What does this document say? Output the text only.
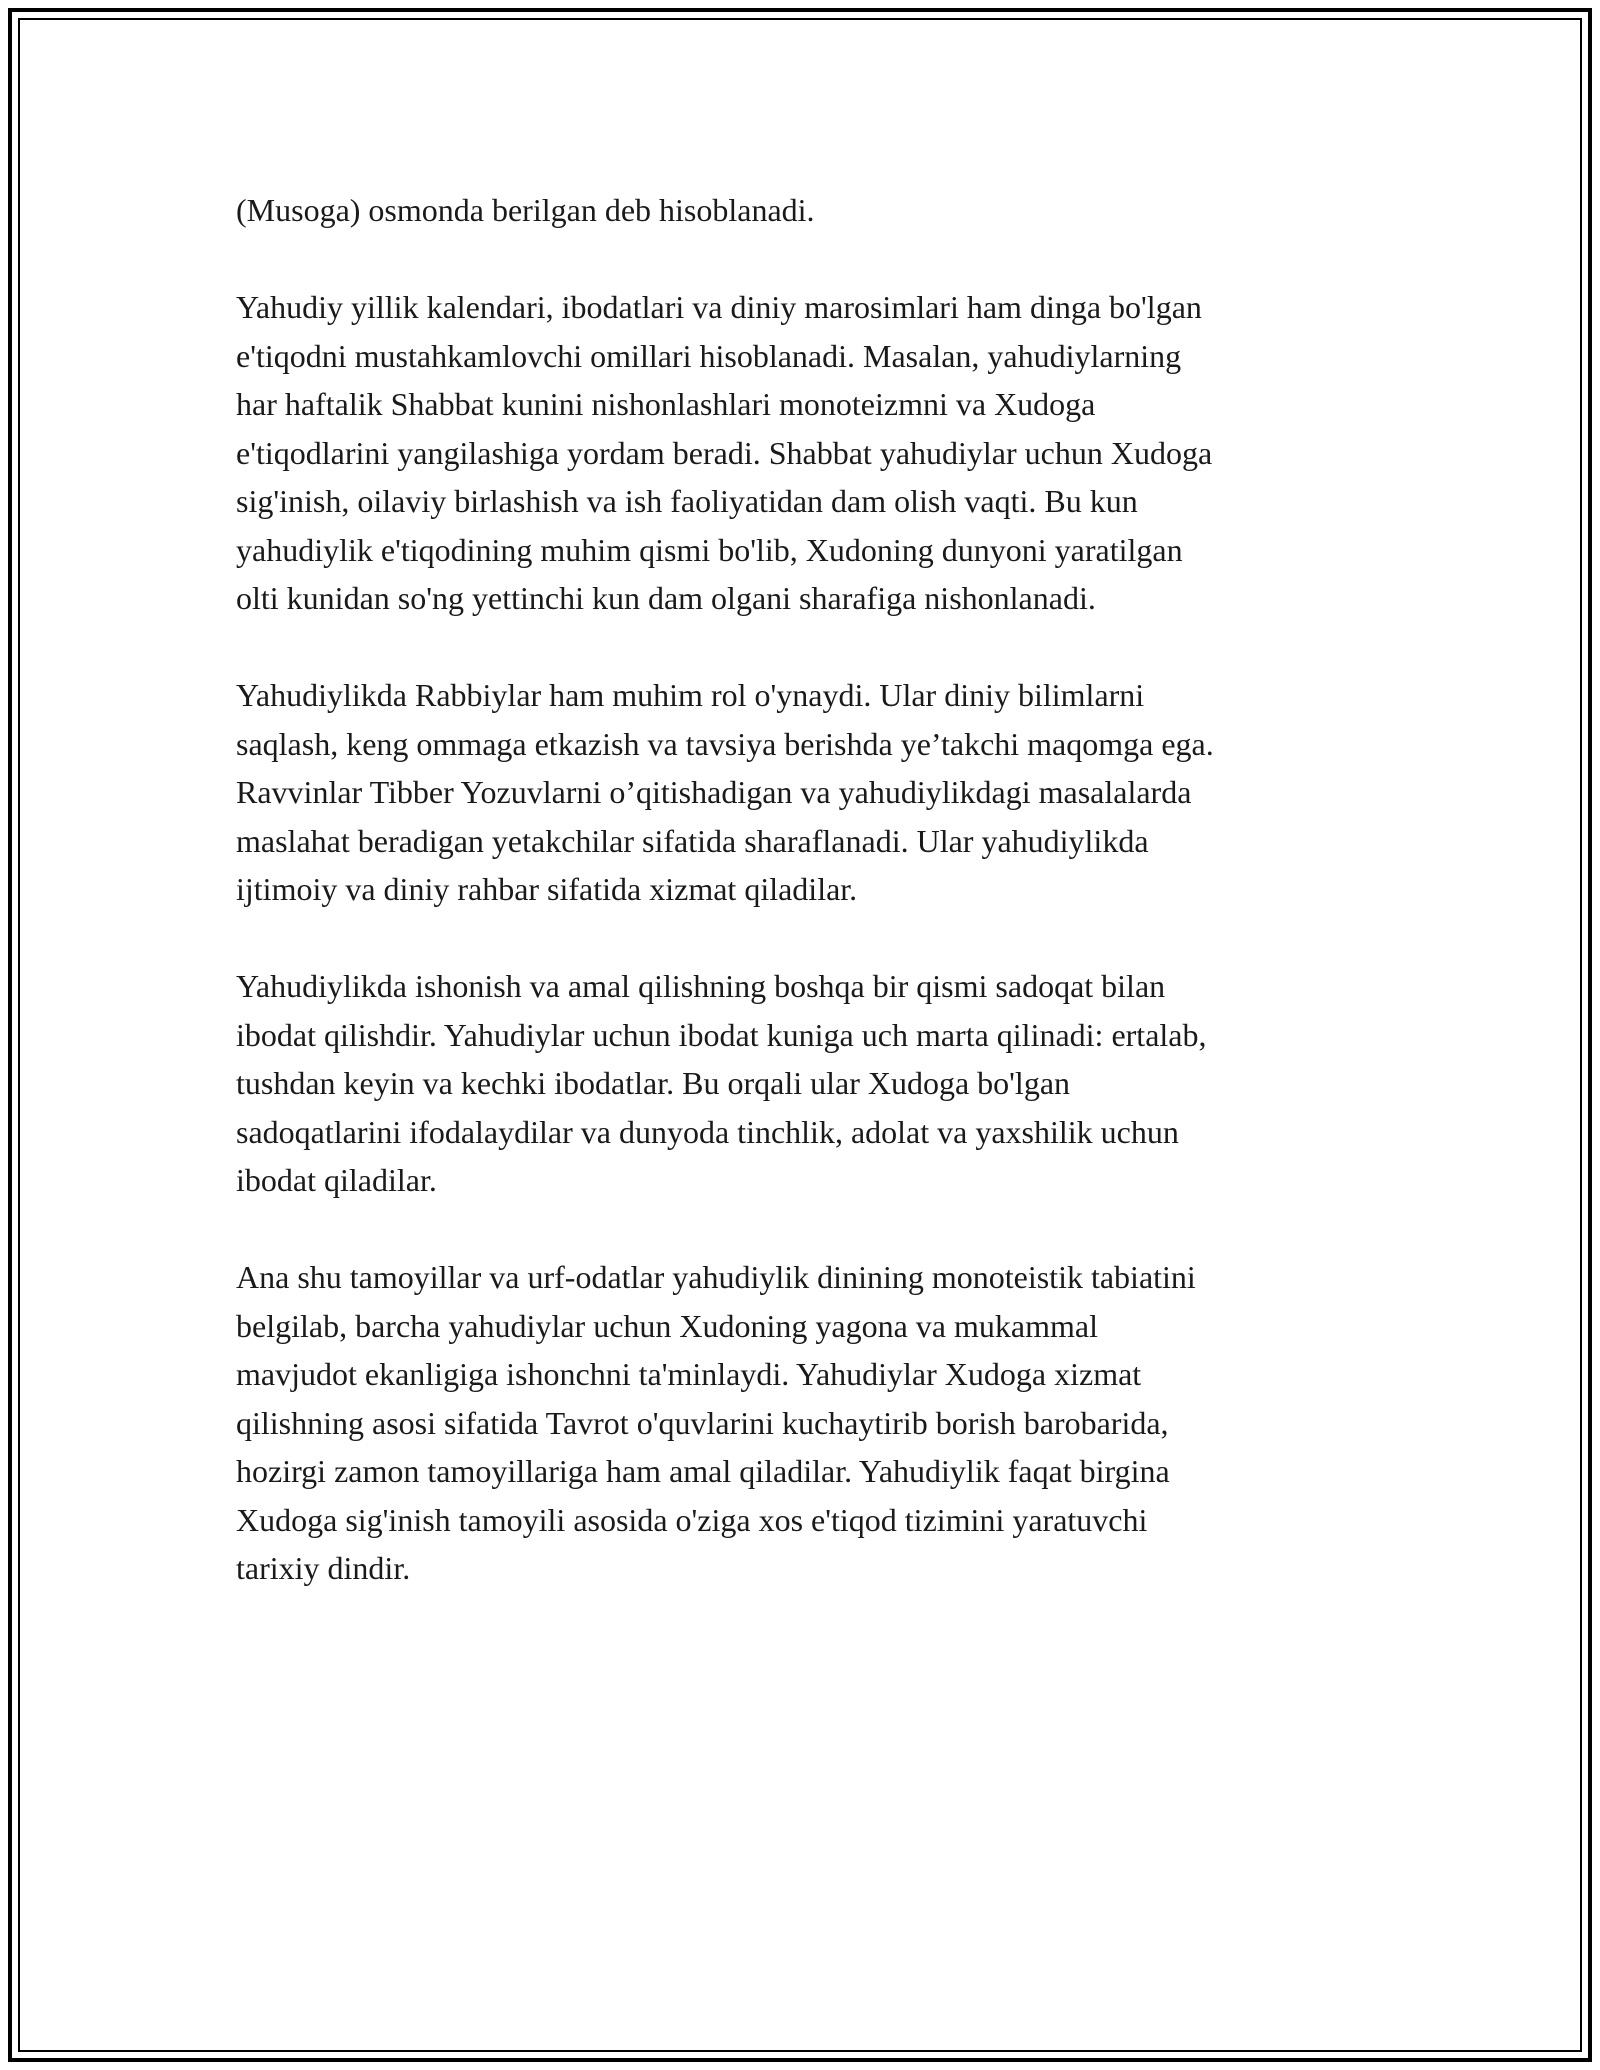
(Musoga) osmonda berilgan deb hisoblanadi.

Yahudiy yillik kalendari, ibodatlari va diniy marosimlari ham dinga bo'lgan
e'tiqodni mustahkamlovchi omillari hisoblanadi. Masalan, yahudiylarning
har haftalik Shabbat kunini nishonlashlari monoteizmni va Xudoga
e'tiqodlarini yangilashiga yordam beradi. Shabbat yahudiylar uchun Xudoga
sig'inish, oilaviy birlashish va ish faoliyatidan dam olish vaqti. Bu kun
yahudiylik e'tiqodining muhim qismi bo'lib, Xudoning dunyoni yaratilgan
olti kunidan so'ng yettinchi kun dam olgani sharafiga nishonlanadi.

Yahudiylikda Rabbiylar ham muhim rol o'ynaydi. Ular diniy bilimlarni
saqlash, keng ommaga etkazish va tavsiya berishda ye’takchi maqomga ega.
Ravvinlar Tibber Yozuvlarni o’qitishadigan va yahudiylikdagi masalalarda
maslahat beradigan yetakchilar sifatida sharaflanadi. Ular yahudiylikda
ijtimoiy va diniy rahbar sifatida xizmat qiladilar.

Yahudiylikda ishonish va amal qilishning boshqa bir qismi sadoqat bilan
ibodat qilishdir. Yahudiylar uchun ibodat kuniga uch marta qilinadi: ertalab,
tushdan keyin va kechki ibodatlar. Bu orqali ular Xudoga bo'lgan
sadoqatlarini ifodalaydilar va dunyoda tinchlik, adolat va yaxshilik uchun
ibodat qiladilar.

Ana shu tamoyillar va urf-odatlar yahudiylik dinining monoteistik tabiatini
belgilab, barcha yahudiylar uchun Xudoning yagona va mukammal
mavjudot ekanligiga ishonchni ta'minlaydi. Yahudiylar Xudoga xizmat
qilishning asosi sifatida Tavrot o'quvlarini kuchaytirib borish barobarida,
hozirgi zamon tamoyillariga ham amal qiladilar. Yahudiylik faqat birgina
Xudoga sig'inish tamoyili asosida o'ziga xos e'tiqod tizimini yaratuvchi
tarixiy dindir.
